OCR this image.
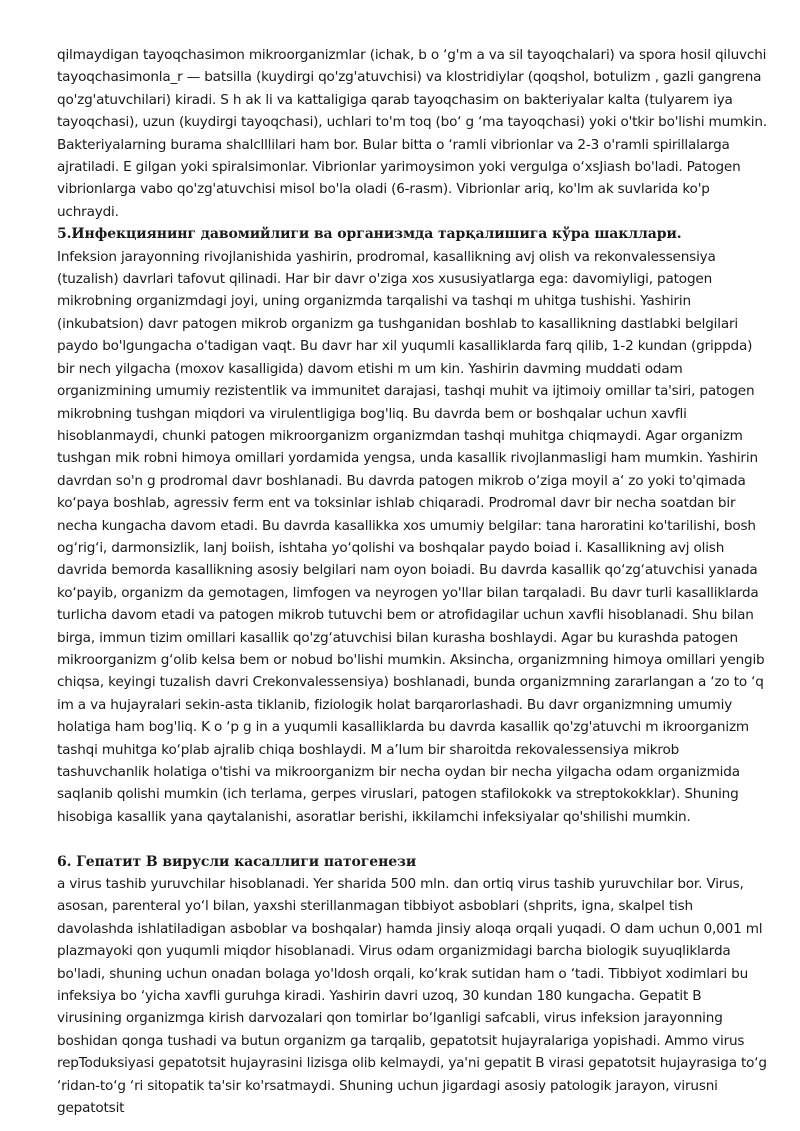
qilmaydigan tayoqchasimon mikroorganizmlar (ichak, b o ‘g'm a va sil tayoqchalari) va spora hosil qiluvchi tayoqchasimonla_r — batsilla (kuydirgi qo'zg'atuvchisi) va klostridiylar (qoqshol, botulizm , gazli gangrena qo'zg'atuvchilari) kiradi. S h ak li va kattaligiga qarab tayoqchasim on bakteriyalar kalta (tulyarem iya tayoqchasi), uzun (kuydirgi tayoqchasi), uchlari to'm toq (bo‘ g ‘ma tayoqchasi) yoki o'tkir bo'lishi mumkin. Bakteriyalarning burama shalclllilari ham bor. Bular bitta o ‘ramli vibrionlar va 2-3 o'ramli spirillalarga ajratiladi. E gilgan yoki spiralsimonlar. Vibrionlar yarimoysimon yoki vergulga o‘xsJiash bo'ladi. Patogen vibrionlarga vabo qo'zg'atuvchisi misol bo'la oladi (6-rasm). Vibrionlar ariq, ko'lm ak suvlarida ko'p uchraydi.

5.Инфекциянинг давомийлиги ва организмда тарқалишига кўра шакллари.

Infeksion jarayonning rivojlanishida yashirin, prodromal, kasallikning avj olish va rekonvalessensiya (tuzalish) davrlari tafovut qilinadi. Har bir davr o'ziga xos xususiyatlarga ega: davomiyligi, patogen mikrobning organizmdagi joyi, uning organizmda tarqalishi va tashqi m uhitga tushishi. Yashirin (inkubatsion) davr patogen mikrob organizm ga tushganidan boshlab to kasallikning dastlabki belgilari paydo bo'lgungacha o'tadigan vaqt. Bu davr har xil yuqumli kasalliklarda farq qilib, 1-2 kundan (grippda) bir nech yilgacha (moxov kasalligida) davom etishi m um kin. Yashirin davming muddati odam organizmining umumiy rezistentlik va immunitet darajasi, tashqi muhit va ijtimoiy omillar ta'siri, patogen mikrobning tushgan miqdori va virulentligiga bog'liq. Bu davrda bem or boshqalar uchun xavfli hisoblanmaydi, chunki patogen mikroorganizm organizmdan tashqi muhitga chiqmaydi. Agar organizm tushgan mik robni himoya omillari yordamida yengsa, unda kasallik rivojlanmasligi ham mumkin. Yashirin davrdan so'n g prodromal davr boshlanadi. Bu davrda patogen mikrob o‘ziga moyil a‘ zo yoki to'qimada ko‘paya boshlab, agressiv ferm ent va toksinlar ishlab chiqaradi. Prodromal davr bir necha soatdan bir necha kungacha davom etadi. Bu davrda kasallikka xos umumiy belgilar: tana haroratini ko'tarilishi, bosh og‘rig‘i, darmonsizlik, lanj boiish, ishtaha yo‘qolishi va boshqalar paydo boiad i. Kasallikning avj olish davrida bemorda kasallikning asosiy belgilari nam oyon boiadi. Bu davrda kasallik qo‘zg‘atuvchisi yanada ko‘payib, organizm da gemotagen, limfogen va neyrogen yo'llar bilan tarqaladi. Bu davr turli kasalliklarda turlicha davom etadi va patogen mikrob tutuvchi bem or atrofidagilar uchun xavfli hisoblanadi. Shu bilan birga, immun tizim omillari kasallik qo'zg‘atuvchisi bilan kurasha boshlaydi. Agar bu kurashda patogen mikroorganizm g‘olib kelsa bem or nobud bo'lishi mumkin. Aksincha, organizmning himoya omillari yengib chiqsa, keyingi tuzalish davri Crekonvalessensiya) boshlanadi, bunda organizmning zararlangan a ‘zo to ‘q im a va hujayralari sekin-asta tiklanib, fiziologik holat barqarorlashadi. Bu davr organizmning umumiy holatiga ham bog'liq. K o ‘p g in a yuqumli kasalliklarda bu davrda kasallik qo'zg'atuvchi m ikroorganizm tashqi muhitga ko‘plab ajralib chiqa boshlaydi. M a’lum bir sharoitda rekovalessensiya mikrob tashuvchanlik holatiga o'tishi va mikroorganizm bir necha oydan bir necha yilgacha odam organizmida saqlanib qolishi mumkin (ich terlama, gerpes viruslari, patogen stafilokokk va streptokokklar). Shuning hisobiga kasallik yana qaytalanishi, asoratlar berishi, ikkilamchi infeksiyalar qo'shilishi mumkin.

6. Гепатит В вирусли касаллиги патогенези

a virus tashib yuruvchilar hisoblanadi. Yer sharida 500 mln. dan ortiq virus tashib yuruvchilar bor. Virus, asosan, parenteral yo‘l bilan, yaxshi sterillanmagan tibbiyot asboblari (shprits, igna, skalpel tish davolashda ishlatiladigan asboblar va boshqalar) hamda jinsiy aloqa orqali yuqadi. O dam uchun 0,001 ml plazmayoki qon yuqumli miqdor hisoblanadi. Virus odam organizmidagi barcha biologik suyuqliklarda bo'ladi, shuning uchun onadan bolaga yo'ldosh orqali, ko‘krak sutidan ham o ‘tadi. Tibbiyot xodimlari bu infeksiya bo ‘yicha xavfli guruhga kiradi. Yashirin davri uzoq, 30 kundan 180 kungacha. Gepatit B virusining organizmga kirish darvozalari qon tomirlar bo‘lganligi safcabli, virus infeksion jarayonning boshidan qonga tushadi va butun organizm ga tarqalib, gepatotsit hujayralariga yopishadi. Ammo virus repToduksiyasi gepatotsit hujayrasini lizisga olib kelmaydi, ya'ni gepatit B virasi gepatotsit hujayrasiga to‘g ‘ridan-to‘g ‘ri sitopatik ta'sir ko'rsatmaydi. Shuning uchun jigardagi asosiy patologik jarayon, virusni gepatotsit
